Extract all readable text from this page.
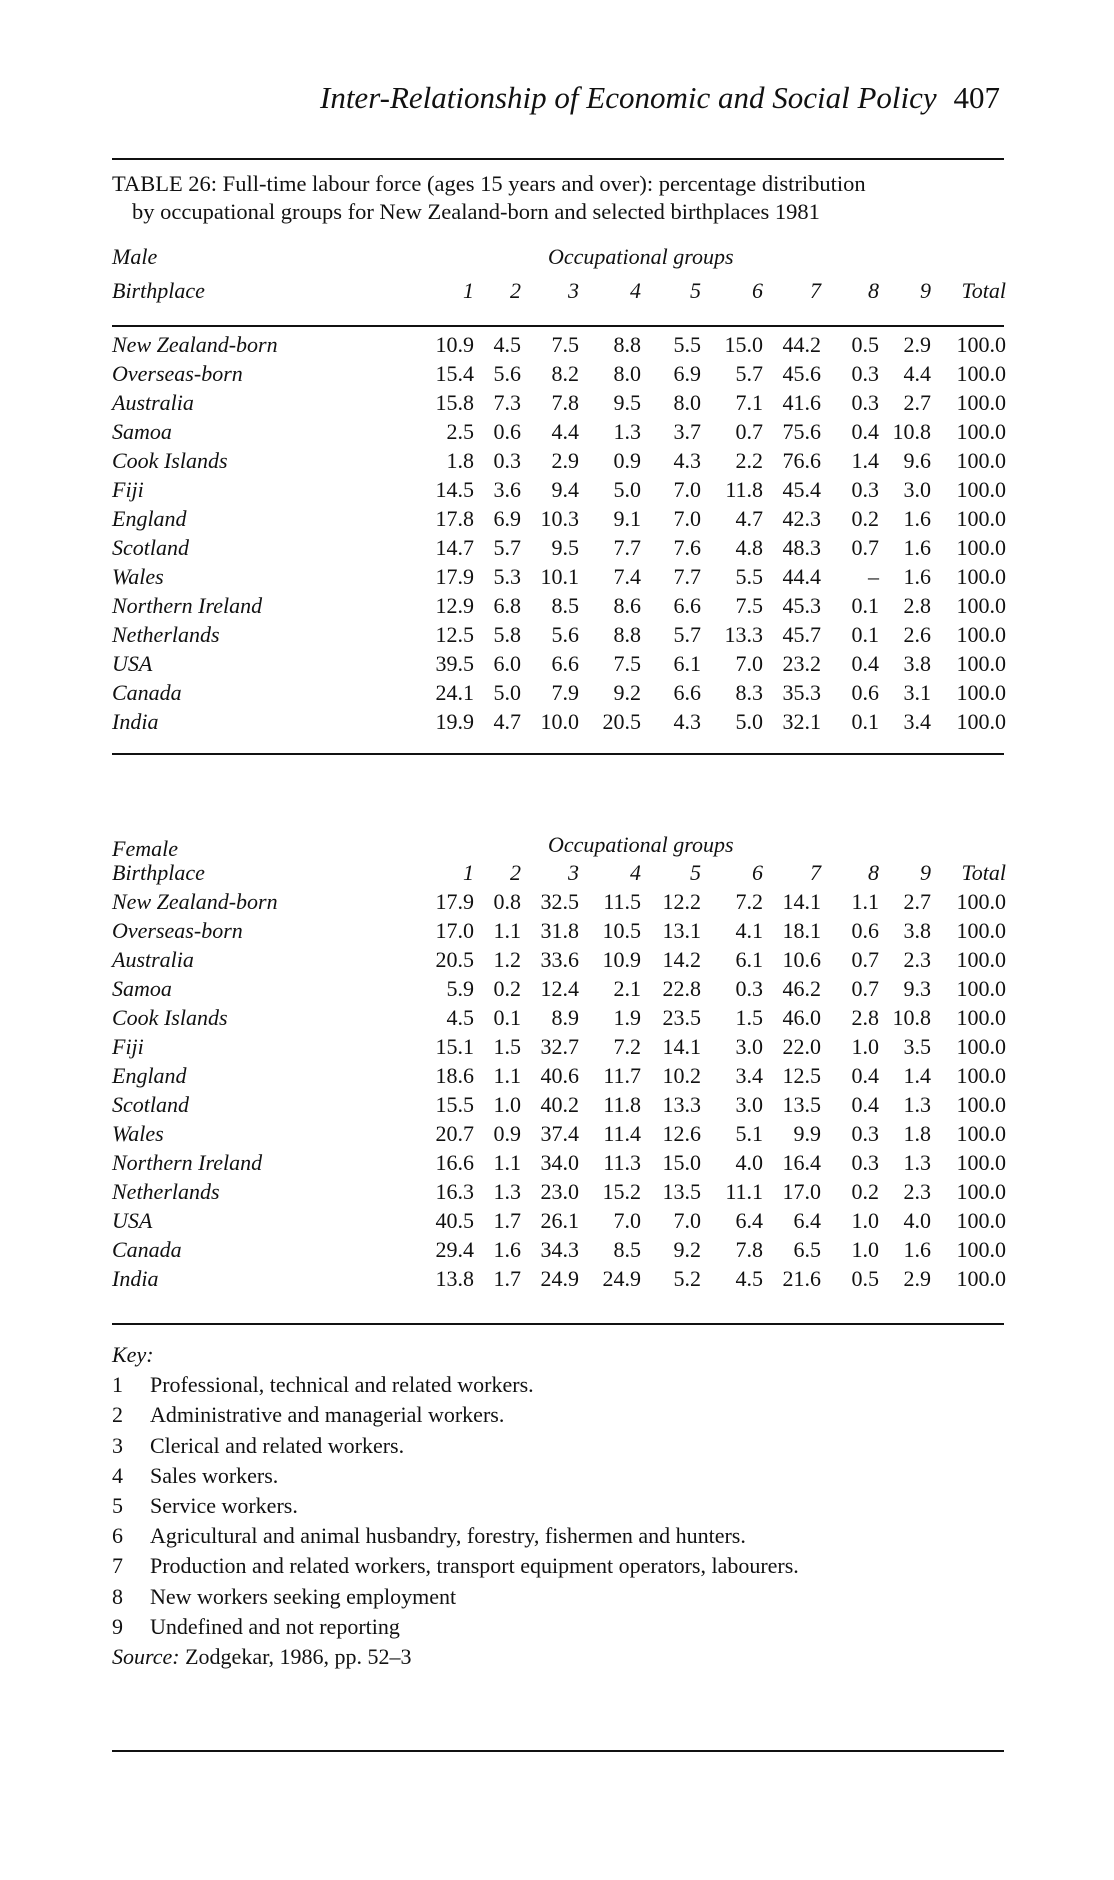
Inter-Relationship of Economic and Social Policy 407
TABLE 26: Full-time labour force (ages 15 years and over): percentage distribution
by occupational groups for New Zealand-born and selected birthplaces 1981
Male	Occupational groups
Birthplace	1	2	3	4	5	6	7	8	9	Total

New Zealand-born	10.9	4.5	7.5	8.8	5.5	15.0	44.2	0.5	2.9	100.0
Overseas-born	15.4	5.6	8.2	8.0	6.9	5.7	45.6	0.3	4.4	100.0
Australia	15.8	7.3	7.8	9.5	8.0	7.1	41.6	0.3	2.7	100.0
Samoa	2.5	0.6	4.4	1.3	3.7	0.7	75.6	0.4	10.8	100.0
Cook Islands	1.8	0.3	2.9	0.9	4.3	2.2	76.6	1.4	9.6	100.0
Fiji	14.5	3.6	9.4	5.0	7.0	11.8	45.4	0.3	3.0	100.0
England	17.8	6.9	10.3	9.1	7.0	4.7	42.3	0.2	1.6	100.0
Scotland	14.7	5.7	9.5	7.7	7.6	4.8	48.3	0.7	1.6	100.0
Wales	17.9	5.3	10.1	7.4	7.7	5.5	44.4	–	1.6	100.0
Northern Ireland	12.9	6.8	8.5	8.6	6.6	7.5	45.3	0.1	2.8	100.0
Netherlands	12.5	5.8	5.6	8.8	5.7	13.3	45.7	0.1	2.6	100.0
USA	39.5	6.0	6.6	7.5	6.1	7.0	23.2	0.4	3.8	100.0
Canada	24.1	5.0	7.9	9.2	6.6	8.3	35.3	0.6	3.1	100.0
India	19.9	4.7	10.0	20.5	4.3	5.0	32.1	0.1	3.4	100.0
Female	Occupational groups
Birthplace	1	2	3	4	5	6	7	8	9	Total
New Zealand-born	17.9	0.8	32.5	11.5	12.2	7.2	14.1	1.1	2.7	100.0
Overseas-born	17.0	1.1	31.8	10.5	13.1	4.1	18.1	0.6	3.8	100.0
Australia	20.5	1.2	33.6	10.9	14.2	6.1	10.6	0.7	2.3	100.0
Samoa	5.9	0.2	12.4	2.1	22.8	0.3	46.2	0.7	9.3	100.0
Cook Islands	4.5	0.1	8.9	1.9	23.5	1.5	46.0	2.8	10.8	100.0
Fiji	15.1	1.5	32.7	7.2	14.1	3.0	22.0	1.0	3.5	100.0
England	18.6	1.1	40.6	11.7	10.2	3.4	12.5	0.4	1.4	100.0
Scotland	15.5	1.0	40.2	11.8	13.3	3.0	13.5	0.4	1.3	100.0
Wales	20.7	0.9	37.4	11.4	12.6	5.1	9.9	0.3	1.8	100.0
Northern Ireland	16.6	1.1	34.0	11.3	15.0	4.0	16.4	0.3	1.3	100.0
Netherlands	16.3	1.3	23.0	15.2	13.5	11.1	17.0	0.2	2.3	100.0
USA	40.5	1.7	26.1	7.0	7.0	6.4	6.4	1.0	4.0	100.0
Canada	29.4	1.6	34.3	8.5	9.2	7.8	6.5	1.0	1.6	100.0
India	13.8	1.7	24.9	24.9	5.2	4.5	21.6	0.5	2.9	100.0
Key:
1 Professional, technical and related workers.
2 Administrative and managerial workers.
3 Clerical and related workers.
4 Sales workers.
5 Service workers.
6 Agricultural and animal husbandry, forestry, fishermen and hunters.
7 Production and related workers, transport equipment operators, labourers.
8 New workers seeking employment
9 Undefined and not reporting
Source: Zodgekar, 1986, pp. 52–3
